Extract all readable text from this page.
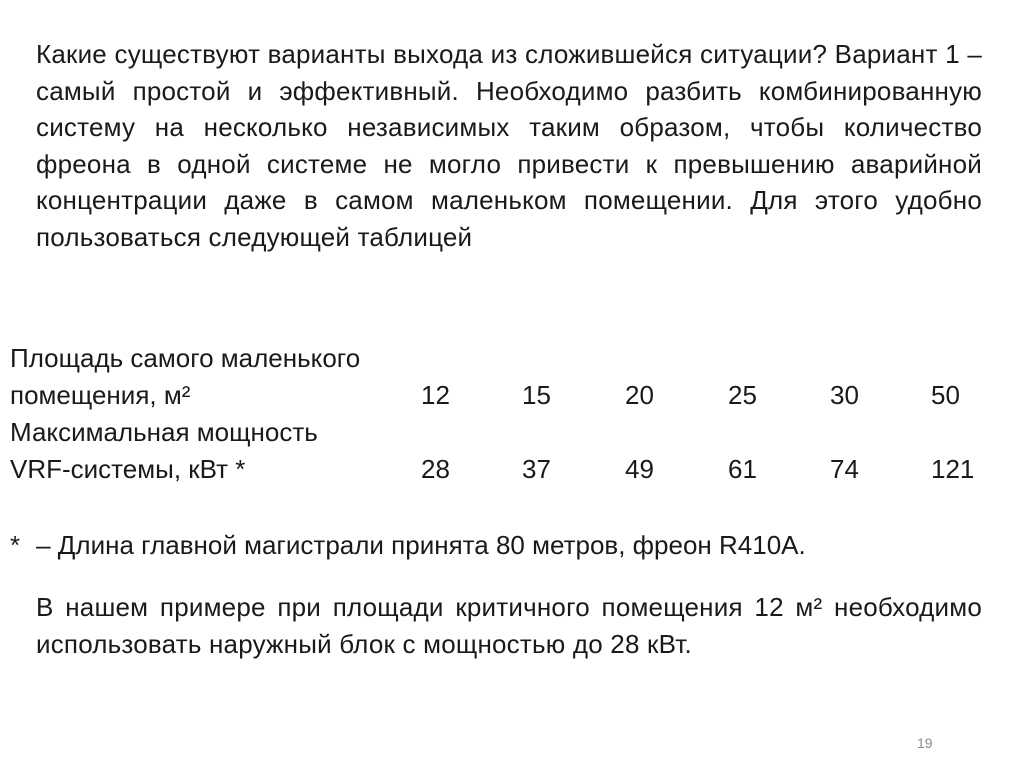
Какие существуют варианты выхода из сложившейся ситуации? Вариант 1 – самый простой и эффективный. Необходимо разбить комбинированную систему на несколько независимых таким образом, чтобы количество фреона в одной системе не могло привести к превышению аварийной концентрации даже в самом маленьком помещении. Для этого удобно пользоваться следующей таблицей

Площадь самого маленького
помещения, м²	12	15	20	25	30	50
Максимальная мощность
VRF-системы, кВт *	28	37	49	61	74	121
* – Длина главной магистрали принята 80 метров, фреон R410A.

В нашем примере при площади критичного помещения 12 м² необходимо использовать наружный блок с мощностью до 28 кВт.

19
